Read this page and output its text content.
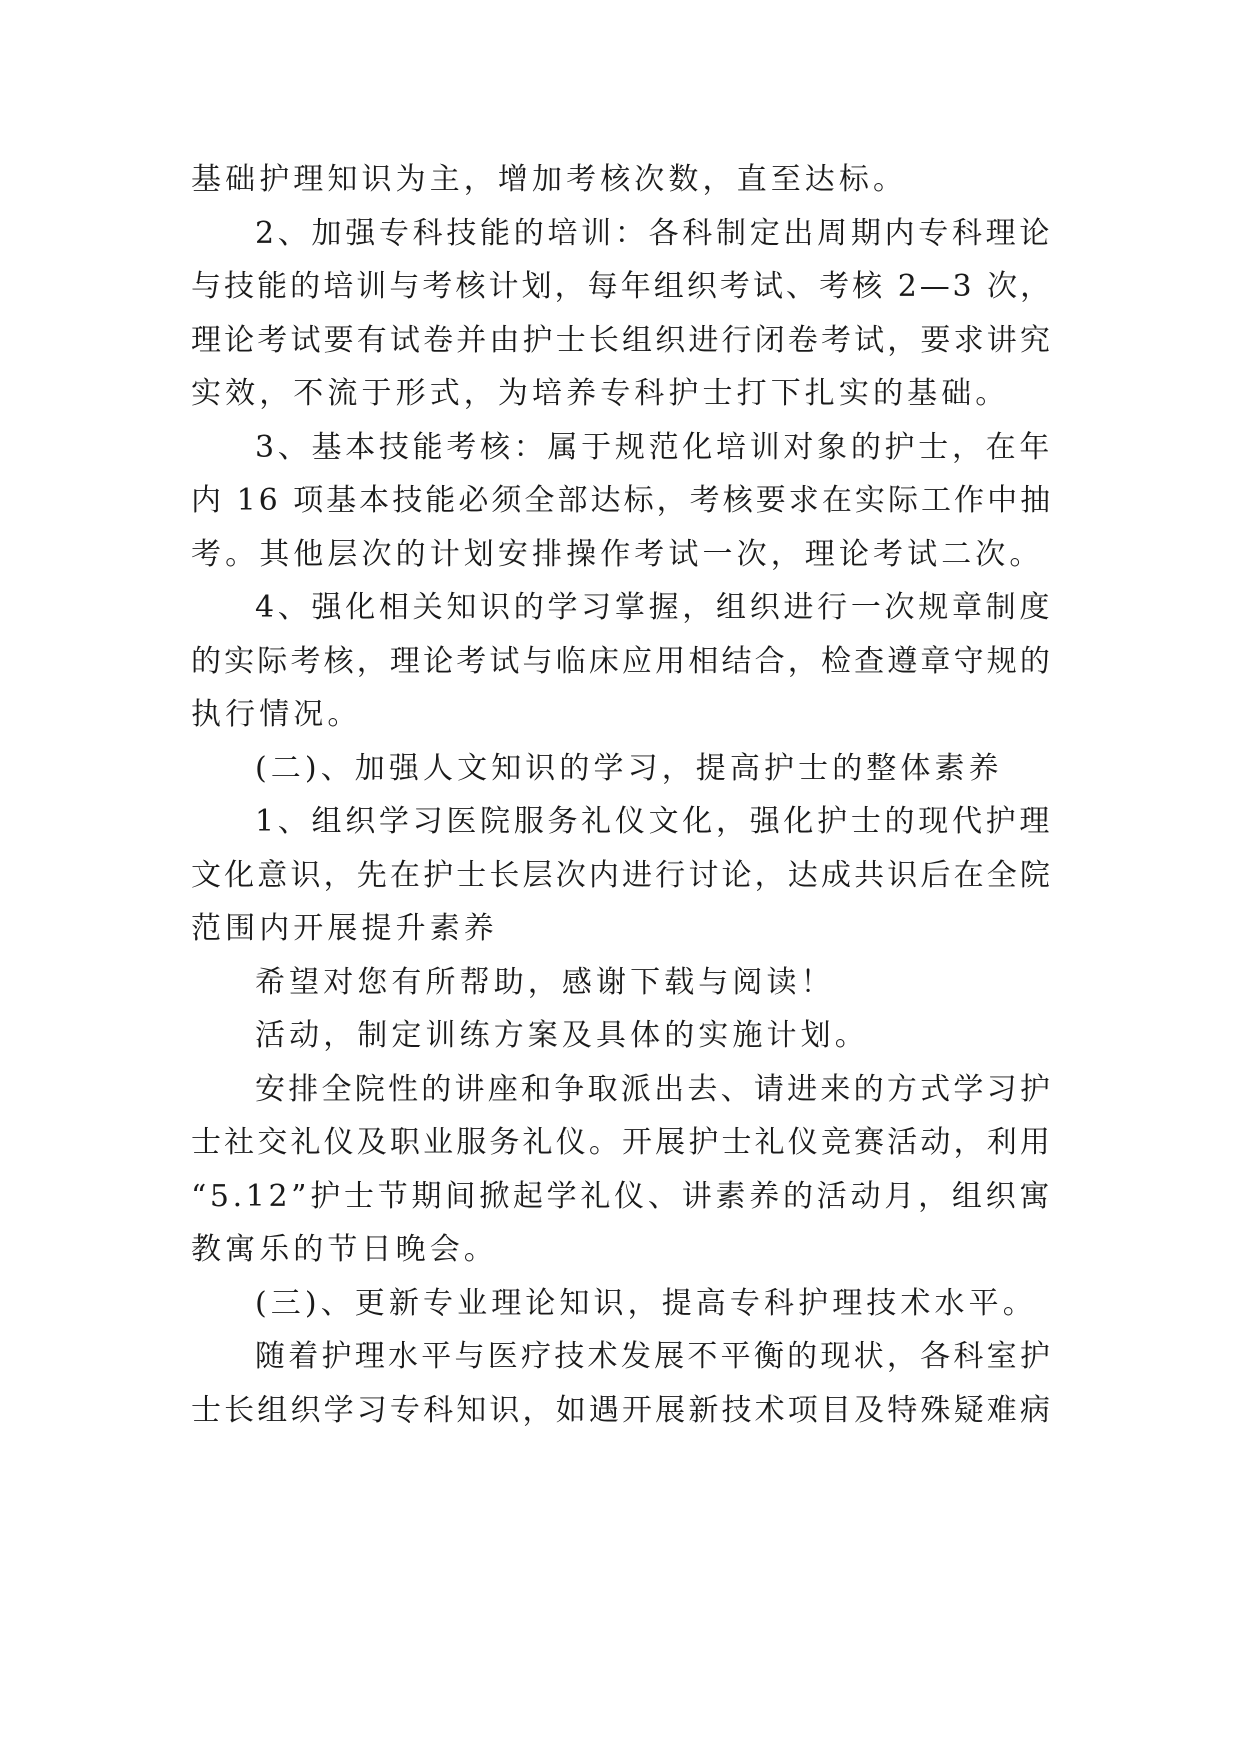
基础护理知识为主，增加考核次数，直至达标。
2、加强专科技能的培训：各科制定出周期内专科理论
与技能的培训与考核计划，每年组织考试、考核 2—3 次，
理论考试要有试卷并由护士长组织进行闭卷考试，要求讲究
实效，不流于形式，为培养专科护士打下扎实的基础。
3、基本技能考核：属于规范化培训对象的护士，在年
内 16 项基本技能必须全部达标，考核要求在实际工作中抽
考。其他层次的计划安排操作考试一次，理论考试二次。
4、强化相关知识的学习掌握，组织进行一次规章制度
的实际考核，理论考试与临床应用相结合，检查遵章守规的
执行情况。
(二)、加强人文知识的学习，提高护士的整体素养
1、组织学习医院服务礼仪文化，强化护士的现代护理
文化意识，先在护士长层次内进行讨论，达成共识后在全院
范围内开展提升素养
希望对您有所帮助，感谢下载与阅读！
活动，制定训练方案及具体的实施计划。
安排全院性的讲座和争取派出去、请进来的方式学习护
士社交礼仪及职业服务礼仪。开展护士礼仪竞赛活动，利用
“5.12”护士节期间掀起学礼仪、讲素养的活动月，组织寓
教寓乐的节日晚会。
(三)、更新专业理论知识，提高专科护理技术水平。
随着护理水平与医疗技术发展不平衡的现状，各科室护
士长组织学习专科知识，如遇开展新技术项目及特殊疑难病
